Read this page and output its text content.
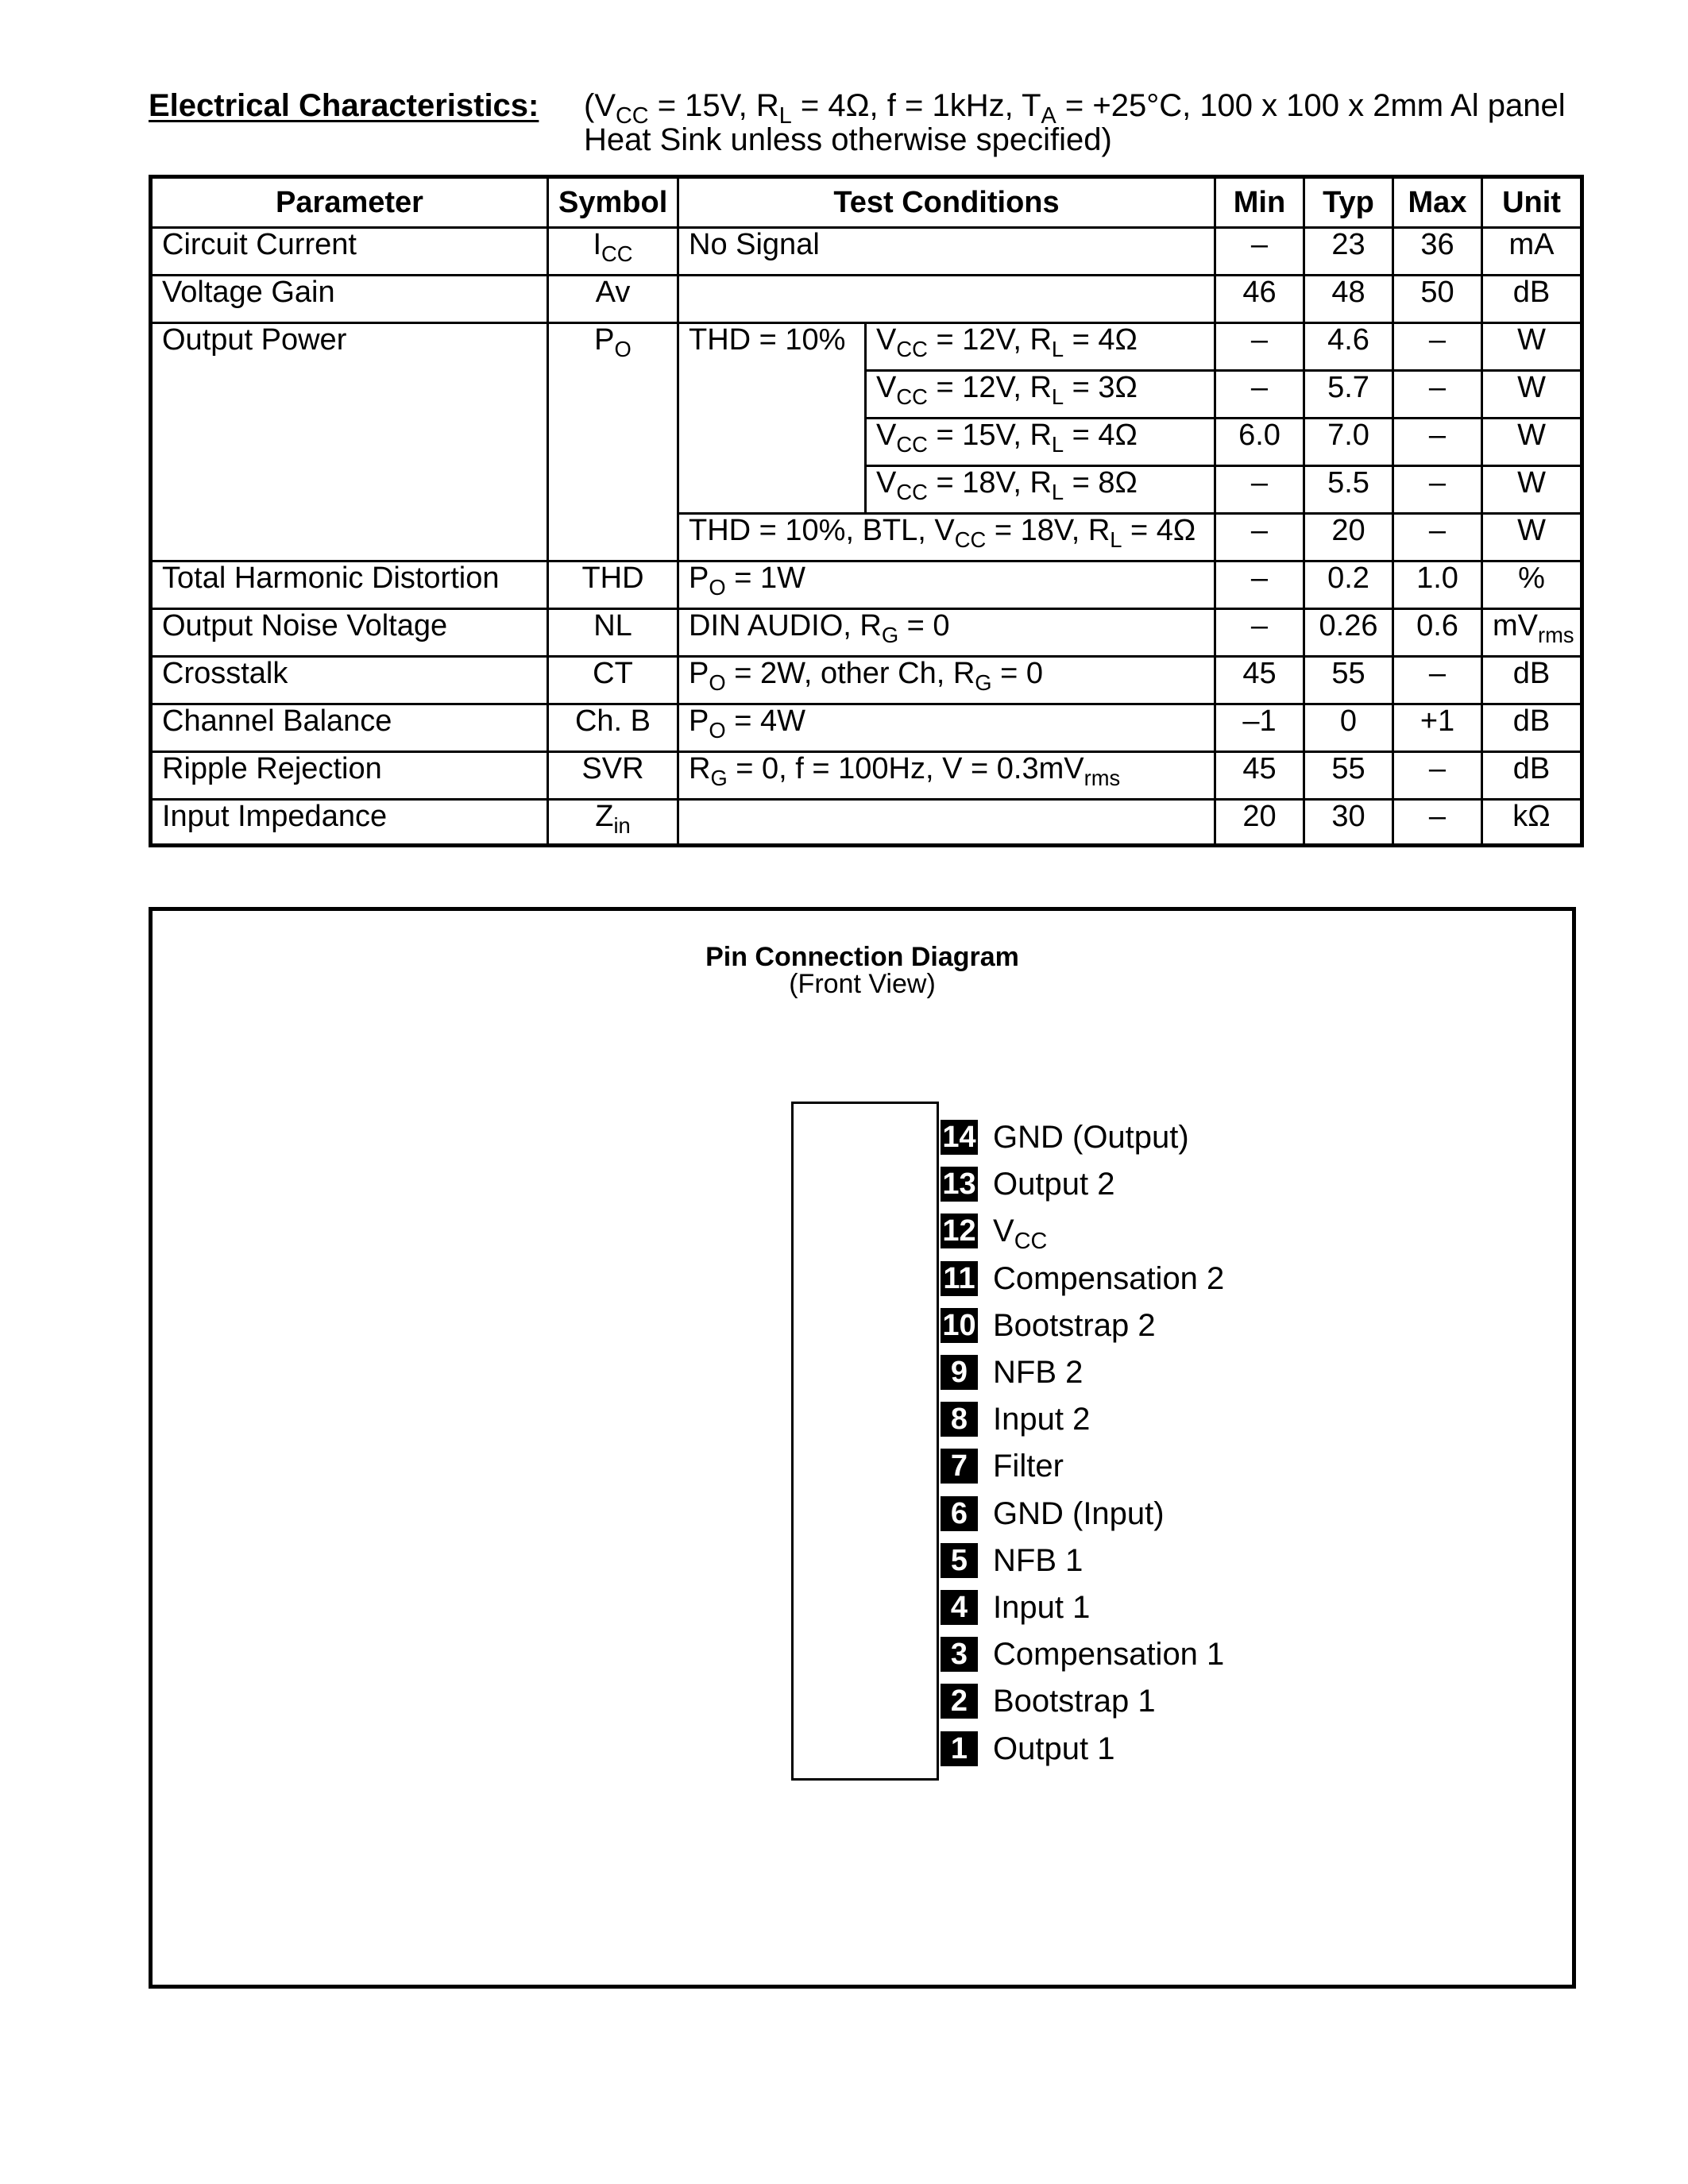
Electrical Characteristics: ($V_{CC} = 15V$, $R_L = 4\Omega$, f = 1kHz, $T_A = +25^\circ C$, 100 x 100 x 2mm Al panel Heat Sink unless otherwise specified)
Parameter	Symbol	Test Conditions		Min	Typ	Max	Unit
Circuit Current	$I_{CC}$	No Signal		–	23	36	mA
Voltage Gain	Av			46	48	50	dB
Output Power	$P_O$	THD = 10%	$V_{CC} = 12V$, $R_L = 4\Omega$	–	4.6	–	W
			$V_{CC} = 12V$, $R_L = 3\Omega$	–	5.7	–	W
			$V_{CC} = 15V$, $R_L = 4\Omega$	6.0	7.0	–	W
			$V_{CC} = 18V$, $R_L = 8\Omega$	–	5.5	–	W
		THD = 10%, BTL, $V_{CC} = 18V$, $R_L = 4\Omega$		–	20	–	W
Total Harmonic Distortion	THD	$P_O = 1W$		–	0.2	1.0	%
Output Noise Voltage	NL	DIN AUDIO, $R_G = 0$		–	0.26	0.6	$mV_{rms}$
Crosstalk	CT	$P_O = 2W$, other Ch, $R_G = 0$		45	55	–	dB
Channel Balance	Ch. B	$P_O = 4W$		–1	0	+1	dB
Ripple Rejection	SVR	$R_G = 0$, f = 100Hz, $V = 0.3mV_{rms}$		45	55	–	dB
Input Impedance	$Z_{in}$			20	30	–	kΩ
Pin Connection Diagram
(Front View)
14 GND (Output)
13 Output 2
12 $V_{CC}$
11 Compensation 2
10 Bootstrap 2
9 NFB 2
8 Input 2
7 Filter
6 GND (Input)
5 NFB 1
4 Input 1
3 Compensation 1
2 Bootstrap 1
1 Output 1
